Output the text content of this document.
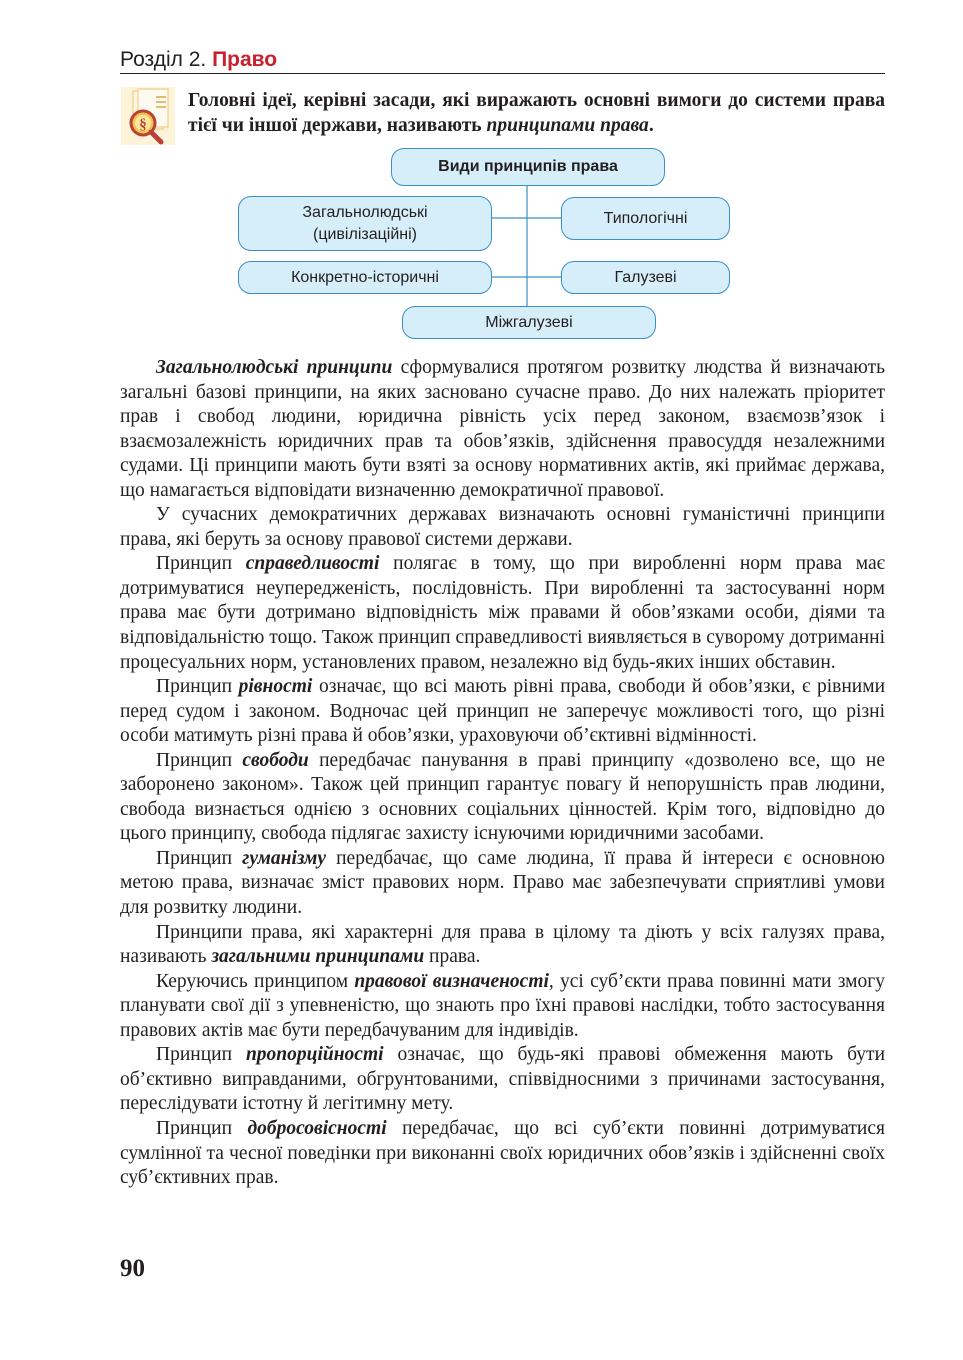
Розділ 2. Право
§
Головні ідеї, керівні засади, які виражають основні вимоги до системи права тієї чи іншої держави, називають принципами права.
Види принципів права
Загальнолюдські
(цивілізаційні)
Типологічні
Конкретно-історичні	Галузеві
Міжгалузеві

Загальнолюдські принципи сформувалися протягом розвитку людства й визначають загальні базові принципи, на яких засновано сучасне право. До них належать пріоритет прав і свобод людини, юридична рівність усіх перед законом, взаємозв’язок і взаємозалежність юридичних прав та обов’язків, здійснення правосуддя незалежними судами. Ці принципи мають бути взяті за основу нормативних актів, які приймає держава, що намагається відповідати визначенню демократичної правової.

У сучасних демократичних державах визначають основні гуманістичні принципи права, які беруть за основу правової системи держави.

Принцип справедливості полягає в тому, що при виробленні норм права має дотримуватися неупередженість, послідовність. При виробленні та застосуванні норм права має бути дотримано відповідність між правами й обов’язками особи, діями та відповідальністю тощо. Також принцип справедливості виявляється в суворому дотриманні процесуальних норм, установлених правом, незалежно від будь-яких інших обставин.

Принцип рівності означає, що всі мають рівні права, свободи й обов’язки, є рівними перед судом і законом. Водночас цей принцип не заперечує можливості того, що різні особи матимуть різні права й обов’язки, ураховуючи об’єктивні відмінності.

Принцип свободи передбачає панування в праві принципу «дозволено все, що не заборонено законом». Також цей принцип гарантує повагу й непорушність прав людини, свобода визнається однією з основних соціальних цінностей. Крім того, відповідно до цього принципу, свобода підлягає захисту існуючими юридичними засобами.

Принцип гуманізму передбачає, що саме людина, її права й інтереси є основною метою права, визначає зміст правових норм. Право має забезпечувати сприятливі умови для розвитку людини.

Принципи права, які характерні для права в цілому та діють у всіх галузях права, називають загальними принципами права.

Керуючись принципом правової визначеності, усі суб’єкти права повинні мати змогу планувати свої дії з упевненістю, що знають про їхні правові наслідки, тобто застосування правових актів має бути передбачуваним для індивідів.

Принцип пропорційності означає, що будь-які правові обмеження мають бути об’єктивно виправданими, обгрунтованими, співвідносними з причинами застосування, переслідувати істотну й легітимну мету.

Принцип добросовісності передбачає, що всі суб’єкти повинні дотримуватися сумлінної та чесної поведінки при виконанні своїх юридичних обов’язків і здійсненні своїх суб’єктивних прав.

90
